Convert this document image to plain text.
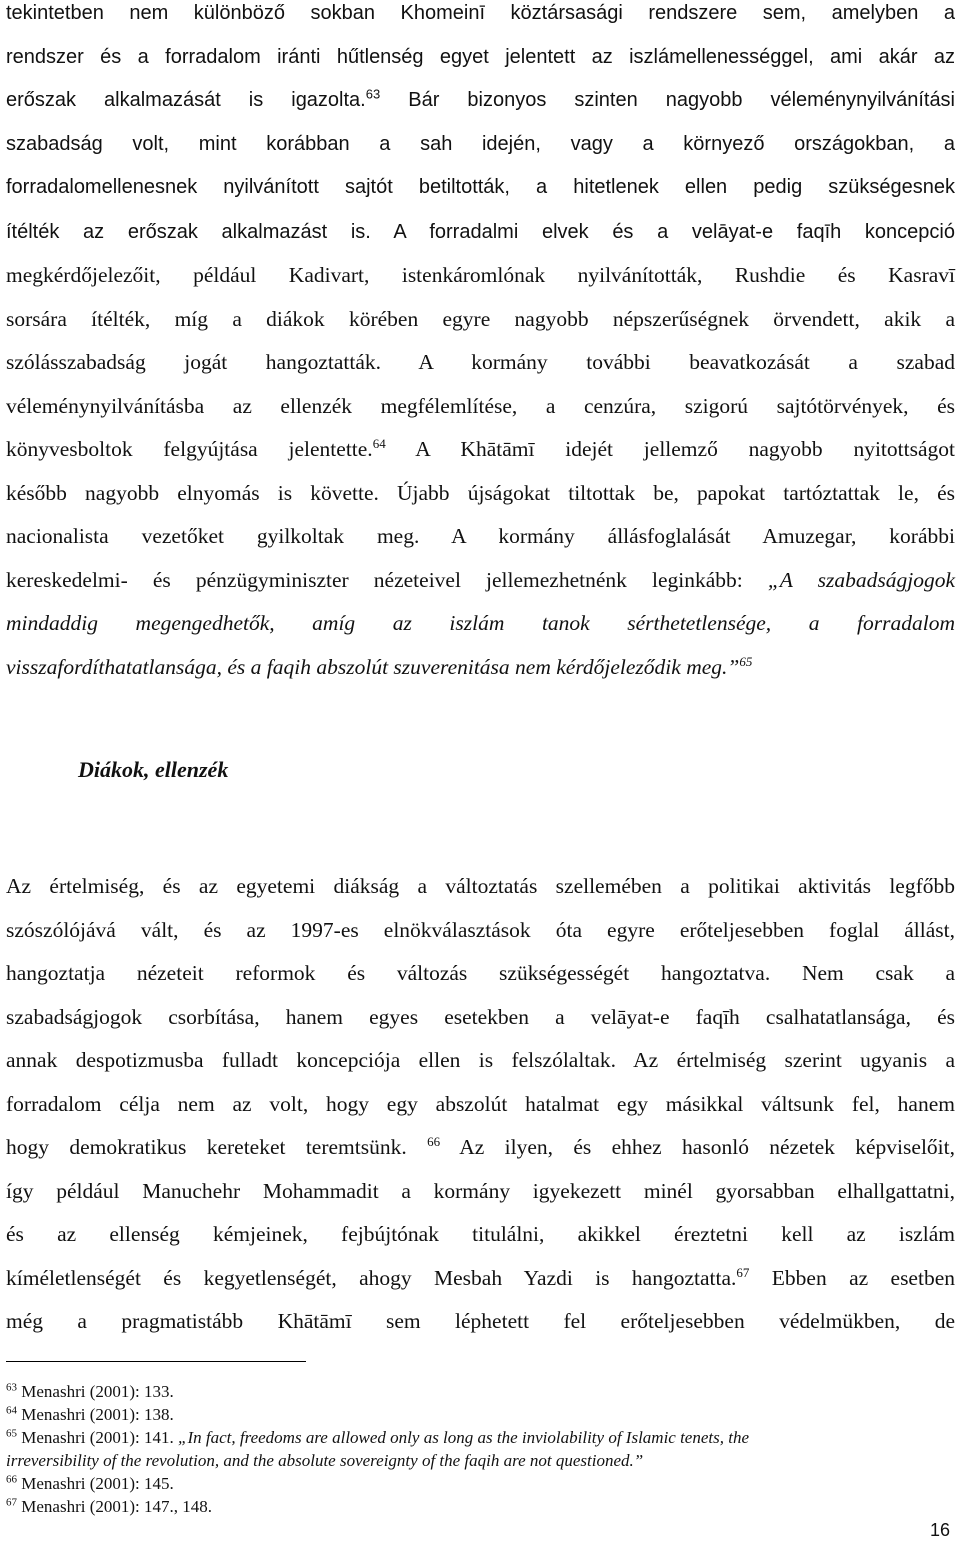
tekintetben nem különböző sokban Khomeinī köztársasági rendszere sem, amelyben a
rendszer és a forradalom iránti hűtlenség egyet jelentett az iszlámellenességgel, ami akár az
erőszak alkalmazását is igazolta.$^{63}$ Bár bizonyos szinten nagyobb véleménynyilvánítási
szabadság volt, mint korábban a sah idején, vagy a környező országokban, a
forradalomellenesnek nyilvánított sajtót betiltották, a hitetlenek ellen pedig szükségesnek
ítélték az erőszak alkalmazást is. A forradalmi elvek és a velāyat-e faqīh koncepció
megkérdőjelezőit, például Kadivart, istenkáromlónak nyilvánították, Rushdie és Kasravī
sorsára ítélték, míg a diákok körében egyre nagyobb népszerűségnek örvendett, akik a
szólásszabadság jogát hangoztatták. A kormány további beavatkozását a szabad
véleménynyilvánításba az ellenzék megfélemlítése, a cenzúra, szigorú sajtótörvények, és
könyvesboltok felgyújtása jelentette.$^{64}$ A Khātāmī idejét jellemző nagyobb nyitottságot
később nagyobb elnyomás is követte. Újabb újságokat tiltottak be, papokat tartóztattak le, és
nacionalista vezetőket gyilkoltak meg. A kormány állásfoglalását Amuzegar, korábbi
kereskedelmi- és pénzügyminiszter nézeteivel jellemezhetnénk leginkább: „A szabadságjogok
mindaddig megengedhetők, amíg az iszlám tanok sérthetetlensége, a forradalom
visszafordíthatatlansága, és a faqih abszolút szuverenitása nem kérdőjeleződik meg.”$^{65}$
Diákok, ellenzék
Az értelmiség, és az egyetemi diákság a változtatás szellemében a politikai aktivitás legfőbb
szószólójává vált, és az 1997-es elnökválasztások óta egyre erőteljesebben foglal állást,
hangoztatja nézeteit reformok és változás szükségességét hangoztatva. Nem csak a
szabadságjogok csorbítása, hanem egyes esetekben a velāyat-e faqīh csalhatatlansága, és
annak despotizmusba fulladt koncepciója ellen is felszólaltak. Az értelmiség szerint ugyanis a
forradalom célja nem az volt, hogy egy abszolút hatalmat egy másikkal váltsunk fel, hanem
hogy demokratikus kereteket teremtsünk. $^{66}$ Az ilyen, és ehhez hasonló nézetek képviselőit,
így például Manuchehr Mohammadit a kormány igyekezett minél gyorsabban elhallgattatni,
és az ellenség kémjeinek, fejbújtónak titulálni, akikkel éreztetni kell az iszlám
kíméletlenségét és kegyetlenségét, ahogy Mesbah Yazdi is hangoztatta.$^{67}$ Ebben az esetben
még a pragmatistább Khātāmī sem léphetett fel erőteljesebben védelmükben, de
$^{63}$ Menashri (2001): 133.
$^{64}$ Menashri (2001): 138.
$^{65}$ Menashri (2001): 141. „In fact, freedoms are allowed only as long as the inviolability of Islamic tenets, the
irreversibility of the revolution, and the absolute sovereignty of the faqih are not questioned.”
$^{66}$ Menashri (2001): 145.
$^{67}$ Menashri (2001): 147., 148.
16
